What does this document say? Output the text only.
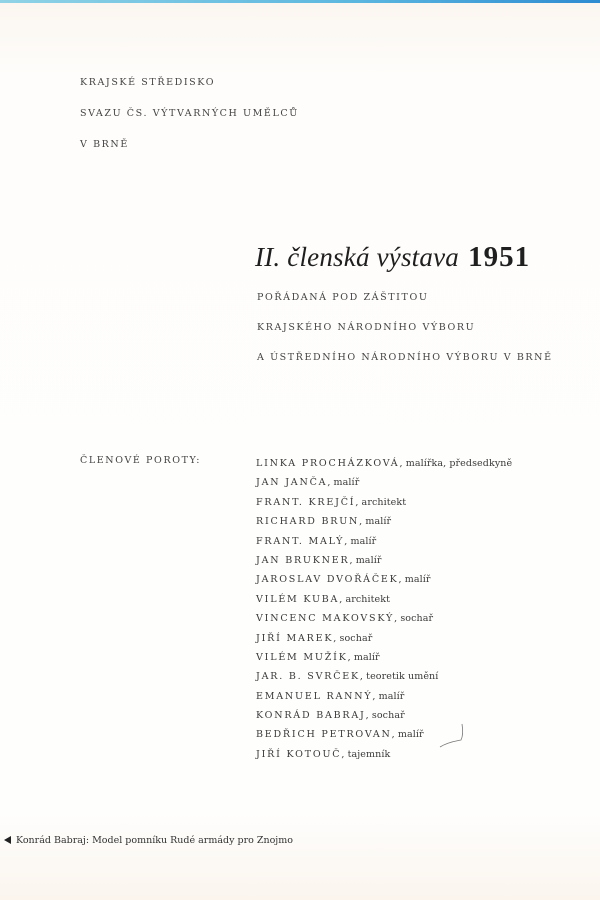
KRAJSKÉ STŘEDISKO
SVAZU ČS. VÝTVARNÝCH UMĚLCŮ
V BRNĚ
II. členská výstava 1951
POŘÁDANÁ POD ZÁŠTITOU
KRAJSKÉHO NÁRODNÍHO VÝBORU
A ÚSTŘEDNÍHO NÁRODNÍHO VÝBORU V BRNĚ
ČLENOVÉ POROTY:	LINKA PROCHÁZKOVÁ, malířka, předsedkyně
JAN JANČA, malíř
FRANT. KREJČÍ, architekt
RICHARD BRUN, malíř
FRANT. MALÝ, malíř
JAN BRUKNER, malíř
JAROSLAV DVOŘÁČEK, malíř
VILÉM KUBA, architekt
VINCENC MAKOVSKÝ, sochař
JIŘÍ MAREK, sochař
VILÉM MUŽÍK, malíř
JAR. B. SVRČEK, teoretik umění
EMANUEL RANNÝ, malíř
KONRÁD BABRAJ, sochař
BEDŘICH PETROVAN, malíř
JIŘÍ KOTOUČ, tajemník
Konrád Babraj: Model pomníku Rudé armády pro Znojmo
